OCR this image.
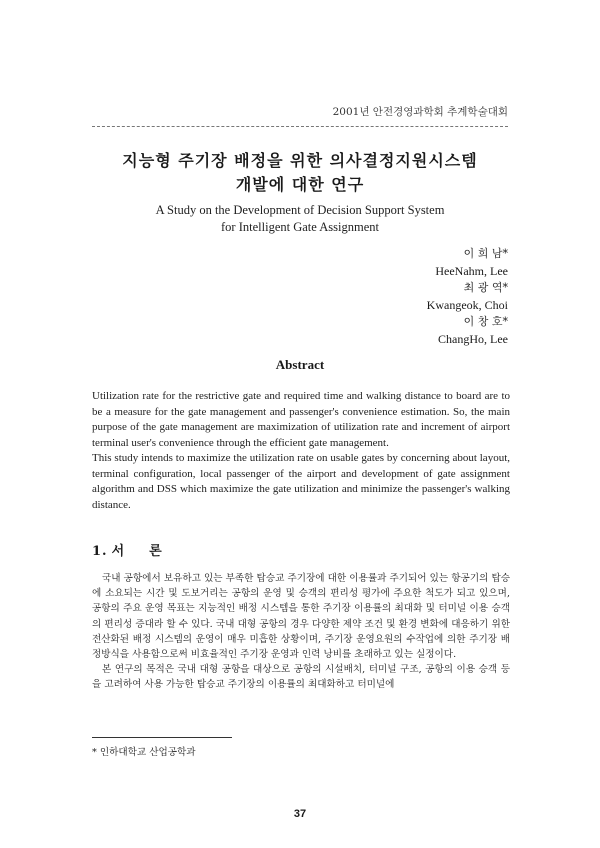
2001년 안전경영과학회 추계학술대회
지능형 주기장 배정을 위한 의사결정지원시스템
개발에 대한 연구
A Study on the Development of Decision Support System
for Intelligent Gate Assignment
이 희 남*
HeeNahm, Lee
최 광 역*
Kwangeok, Choi
이 창 호*
ChangHo, Lee
Abstract

Utilization rate for the restrictive gate and required time and walking distance to board are to be a measure for the gate management and passenger's convenience estimation. So, the main purpose of the gate management are maximization of utilization rate and increment of airport terminal user's convenience through the efficient gate management.

This study intends to maximize the utilization rate on usable gates by concerning about layout, terminal configuration, local passenger of the airport and development of gate assignment algorithm and DSS which maximize the gate utilization and minimize the passenger's walking distance.

1. 서 론

국내 공항에서 보유하고 있는 부족한 탑승교 주기장에 대한 이용률과 주기되어 있는 항공기의 탑승에 소요되는 시간 및 도보거리는 공항의 운영 및 승객의 편리성 평가에 주요한 척도가 되고 있으며, 공항의 주요 운영 목표는 지능적인 배정 시스템을 통한 주기장 이용률의 최대화 및 터미널 이용 승객의 편리성 증대라 할 수 있다. 국내 대형 공항의 경우 다양한 제약 조건 및 환경 변화에 대응하기 위한 전산화된 배정 시스템의 운영이 매우 미흡한 상황이며, 주기장 운영요원의 수작업에 의한 주기장 배정방식을 사용함으로써 비효율적인 주기장 운영과 인력 낭비를 초래하고 있는 실정이다.

본 연구의 목적은 국내 대형 공항을 대상으로 공항의 시설배치, 터미널 구조, 공항의 이용 승객 등을 고려하여 사용 가능한 탑승교 주기장의 이용률의 최대화하고 터미널에

* 인하대학교 산업공학과
37
